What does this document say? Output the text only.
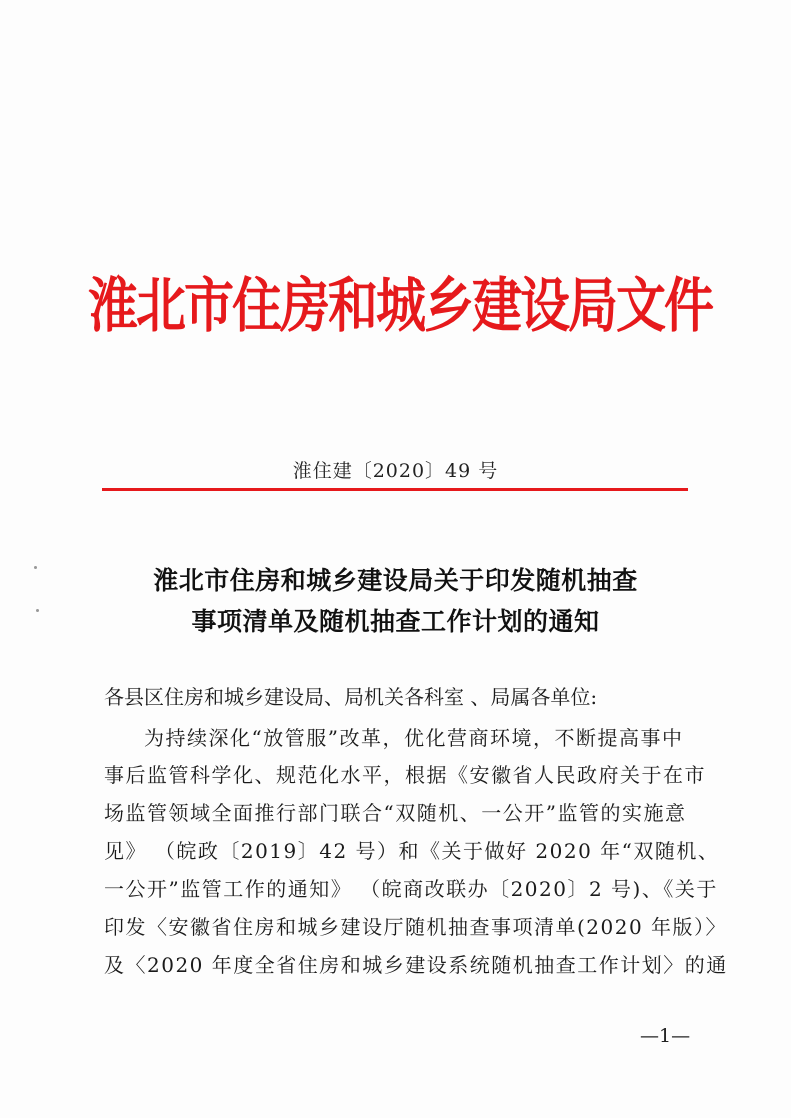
淮北市住房和城乡建设局文件
淮住建〔2020〕49 号
淮北市住房和城乡建设局关于印发随机抽查
事项清单及随机抽查工作计划的通知
各县区住房和城乡建设局、局机关各科室 、局属各单位:
为持续深化“放管服”改革，优化营商环境，不断提高事中
事后监管科学化、规范化水平，根据《安徽省人民政府关于在市
场监管领域全面推行部门联合“双随机、一公开”监管的实施意
见》 （皖政〔2019〕42 号）和《关于做好 2020 年“双随机、
一公开”监管工作的通知》 （皖商改联办〔2020〕2 号)、《关于
印发〈安徽省住房和城乡建设厅随机抽查事项清单(2020 年版）〉
及〈2020 年度全省住房和城乡建设系统随机抽查工作计划〉的通
—1—
